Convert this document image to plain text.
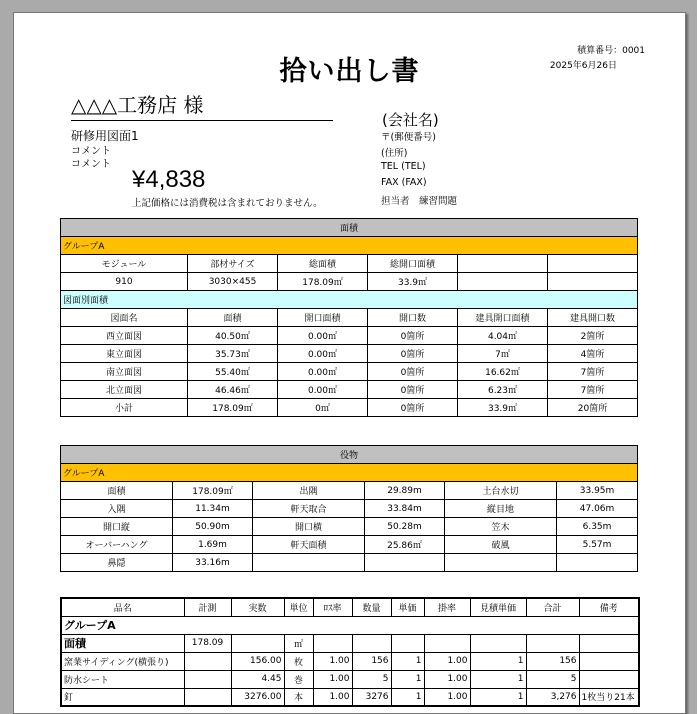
拾い出し書
積算番号：0001
2025年6月26日
△△△工務店 様
研修用図面1
コメント
コメント
¥4,838
上記価格には消費税は含まれておりません。
(会社名)
〒(郵便番号)
(住所)
TEL (TEL)
FAX (FAX)
担当者　練習問題
面積					
グループA					
モジュール	部材サイズ	総面積	総開口面積		
910	3030×455	178.09㎡	33.9㎡		
図面別面積					
図面名	面積	開口面積	開口数	建具開口面積	建具開口数
西立面図	40.50㎡	0.00㎡	0箇所	4.04㎡	2箇所
東立面図	35.73㎡	0.00㎡	0箇所	7㎡	4箇所
南立面図	55.40㎡	0.00㎡	0箇所	16.62㎡	7箇所
北立面図	46.46㎡	0.00㎡	0箇所	6.23㎡	7箇所
小計	178.09㎡	0㎡	0箇所	33.9㎡	20箇所
役物					
グループA					
面積	178.09㎡	出隅	29.89m	土台水切	33.95m
入隅	11.34m	軒天取合	33.84m	縦目地	47.06m
開口縦	50.90m	開口横	50.28m	笠木	6.35m
オーバーハング	1.69m	軒天面積	25.86㎡	破風	5.57m
鼻隠	33.16m				
品名	計測	実数	単位	ﾛｽ率	数量	単価	掛率	見積単価	合計	備考
グループA										
面積	178.09		㎡							
窯業サイディング(横張り)		156.00	枚	1.00	156	1	1.00	1	156	
防水シート		4.45	巻	1.00	5	1	1.00	1	5	
釘		3276.00	本	1.00	3276	1	1.00	1	3,276	1枚当り21本
